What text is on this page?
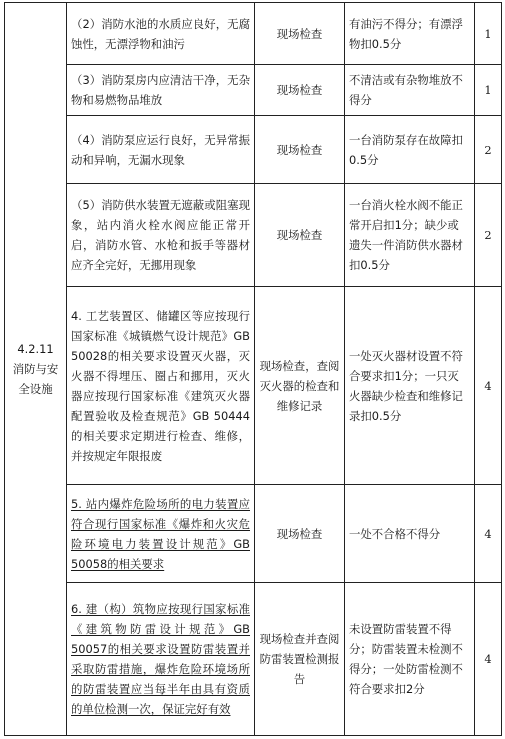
4.2.11
消防与安全设施	（2）消防水池的水质应良好，无腐蚀性，无漂浮物和油污	现场检查	有油污不得分；有漂浮物扣0.5分	1
	（3）消防泵房内应清洁干净，无杂物和易燃物品堆放	现场检查	不清洁或有杂物堆放不得分	1
	（4）消防泵应运行良好，无异常振动和异响，无漏水现象	现场检查	一台消防泵存在故障扣0.5分	2
	（5）消防供水装置无遮蔽或阻塞现象，站内消火栓水阀应能正常开启，消防水管、水枪和扳手等器材应齐全完好，无挪用现象	现场检查	一台消火栓水阀不能正常开启扣1分；缺少或遗失一件消防供水器材扣0.5分	2
	4. 工艺装置区、储罐区等应按现行国家标准《城镇燃气设计规范》GB 50028的相关要求设置灭火器，灭火器不得埋压、圈占和挪用，灭火器应按现行国家标准《建筑灭火器配置验收及检查规范》GB 50444的相关要求定期进行检查、维修，并按规定年限报废	现场检查，查阅灭火器的检查和维修记录	一处灭火器材设置不符合要求扣1分；一只灭火器缺少检查和维修记录扣0.5分	4
	5. 站内爆炸危险场所的电力装置应符合现行国家标准《爆炸和火灾危险环境电力装置设计规范》GB 50058的相关要求	现场检查	一处不合格不得分	4
	6. 建（构）筑物应按现行国家标准《建筑物防雷设计规范》GB 50057的相关要求设置防雷装置并采取防雷措施，爆炸危险环境场所的防雷装置应当每半年由具有资质的单位检测一次，保证完好有效	现场检查并查阅防雷装置检测报告	未设置防雷装置不得分；防雷装置未检测不得分；一处防雷检测不符合要求扣2分	4
